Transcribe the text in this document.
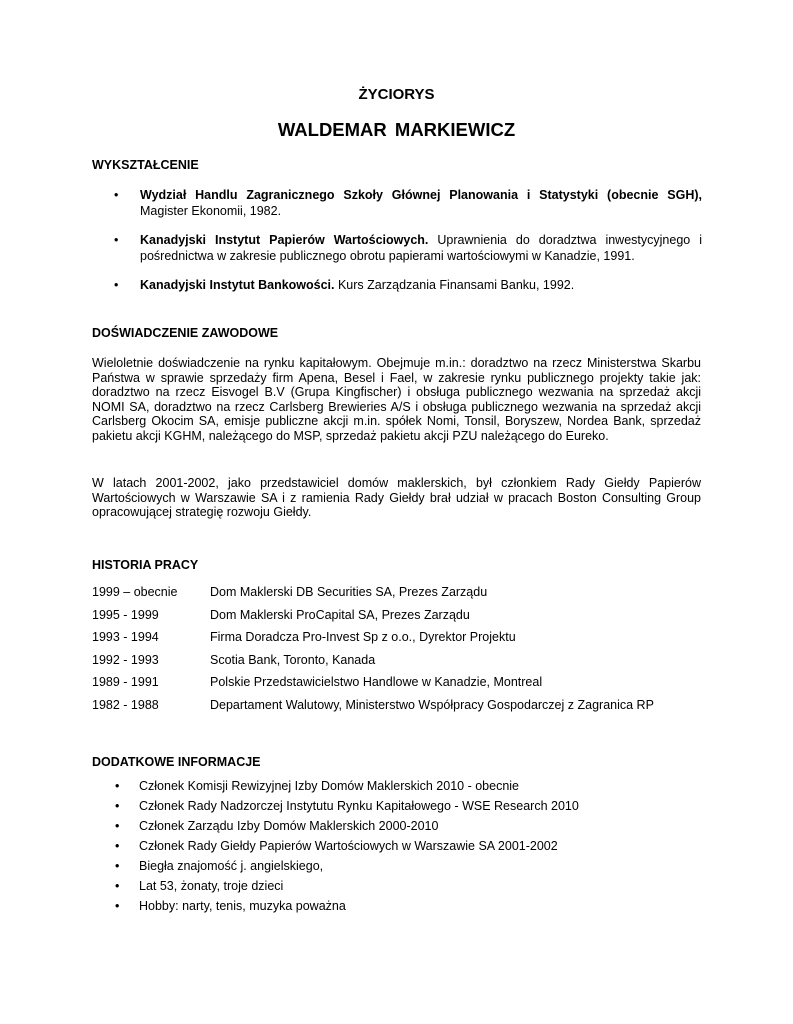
ŻYCIORYS
WALDEMAR MARKIEWICZ
WYKSZTAŁCENIE
• Wydział Handlu Zagranicznego Szkoły Głównej Planowania i Statystyki (obecnie SGH), Magister Ekonomii, 1982.
• Kanadyjski Instytut Papierów Wartościowych. Uprawnienia do doradztwa inwestycyjnego i pośrednictwa w zakresie publicznego obrotu papierami wartościowymi w Kanadzie, 1991.
• Kanadyjski Instytut Bankowości. Kurs Zarządzania Finansami Banku, 1992.
DOŚWIADCZENIE ZAWODOWE
Wieloletnie doświadczenie na rynku kapitałowym. Obejmuje m.in.: doradztwo na rzecz Ministerstwa Skarbu Państwa w sprawie sprzedaży firm Apena, Besel i Fael, w zakresie rynku publicznego projekty takie jak: doradztwo na rzecz Eisvogel B.V (Grupa Kingfischer) i obsługa publicznego wezwania na sprzedaż akcji NOMI SA, doradztwo na rzecz Carlsberg Brewieries A/S i obsługa publicznego wezwania na sprzedaż akcji Carlsberg Okocim SA, emisje publiczne akcji m.in. spółek Nomi, Tonsil, Boryszew, Nordea Bank, sprzedaż pakietu akcji KGHM, należącego do MSP, sprzedaż pakietu akcji PZU należącego do Eureko.
W latach 2001-2002, jako przedstawiciel domów maklerskich, był członkiem Rady Giełdy Papierów Wartościowych w Warszawie SA i z ramienia Rady Giełdy brał udział w pracach Boston Consulting Group opracowującej strategię rozwoju Giełdy.
HISTORIA PRACY
1999 – obecnie	Dom Maklerski DB Securities SA, Prezes Zarządu
1995 - 1999	Dom Maklerski ProCapital SA, Prezes Zarządu
1993 - 1994	Firma Doradcza Pro-Invest Sp z o.o., Dyrektor Projektu
1992 - 1993	Scotia Bank, Toronto, Kanada
1989 - 1991	Polskie Przedstawicielstwo Handlowe w Kanadzie, Montreal
1982 - 1988	Departament Walutowy, Ministerstwo Współpracy Gospodarczej z Zagranica RP
DODATKOWE INFORMACJE
• Członek Komisji Rewizyjnej Izby Domów Maklerskich 2010 - obecnie
• Członek Rady Nadzorczej Instytutu Rynku Kapitałowego - WSE Research 2010
• Członek Zarządu Izby Domów Maklerskich 2000-2010
• Członek Rady Giełdy Papierów Wartościowych w Warszawie SA 2001-2002
• Biegła znajomość j. angielskiego,
• Lat 53, żonaty, troje dzieci
• Hobby: narty, tenis, muzyka poważna
